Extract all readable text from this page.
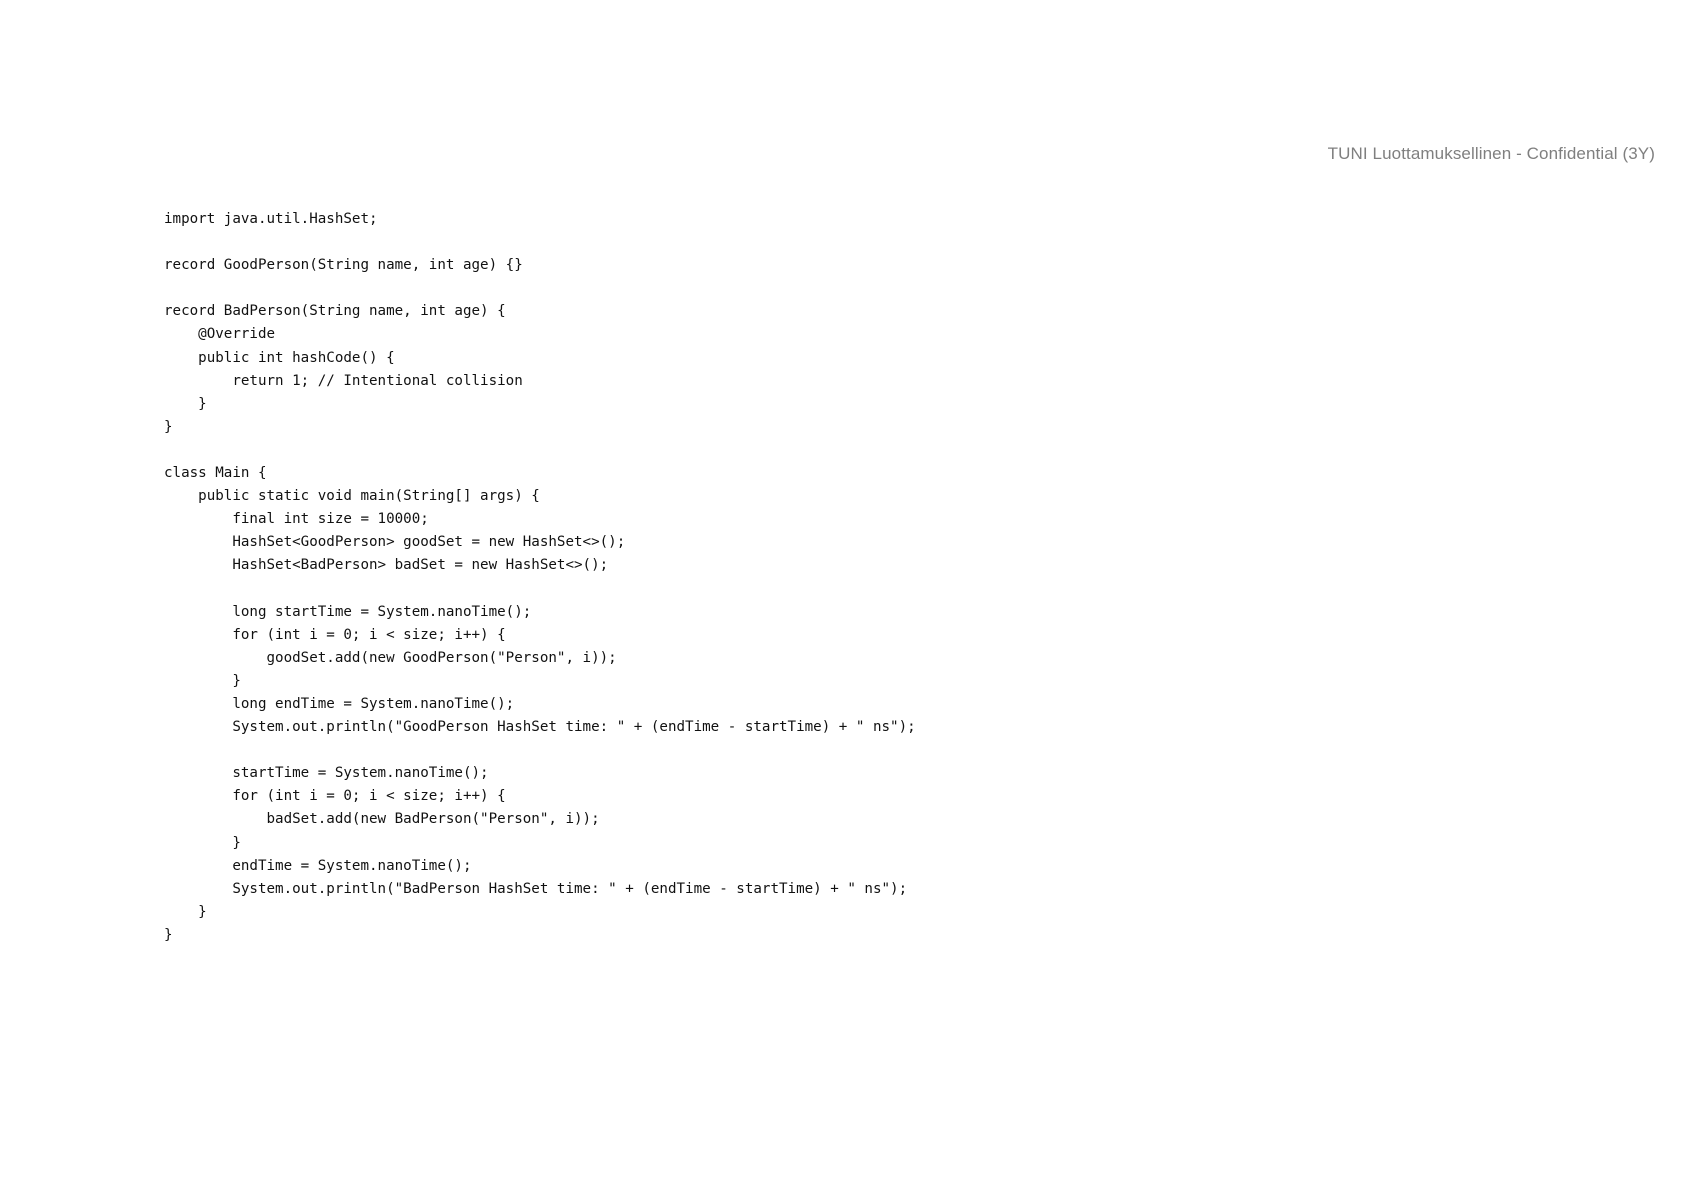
TUNI Luottamuksellinen - Confidential (3Y)
import java.util.HashSet;
record GoodPerson(String name, int age) {}
record BadPerson(String name, int age) {
@Override
public int hashCode() {
return 1; // Intentional collision
}
}
class Main {
public static void main(String[] args) {
final int size = 10000;
HashSet<GoodPerson> goodSet = new HashSet<>();
HashSet<BadPerson> badSet = new HashSet<>();
long startTime = System.nanoTime();
for (int i = 0; i < size; i++) {
goodSet.add(new GoodPerson("Person", i));
}
long endTime = System.nanoTime();
System.out.println("GoodPerson HashSet time: " + (endTime - startTime) + " ns");
startTime = System.nanoTime();
for (int i = 0; i < size; i++) {
badSet.add(new BadPerson("Person", i));
}
endTime = System.nanoTime();
System.out.println("BadPerson HashSet time: " + (endTime - startTime) + " ns");
}
}
